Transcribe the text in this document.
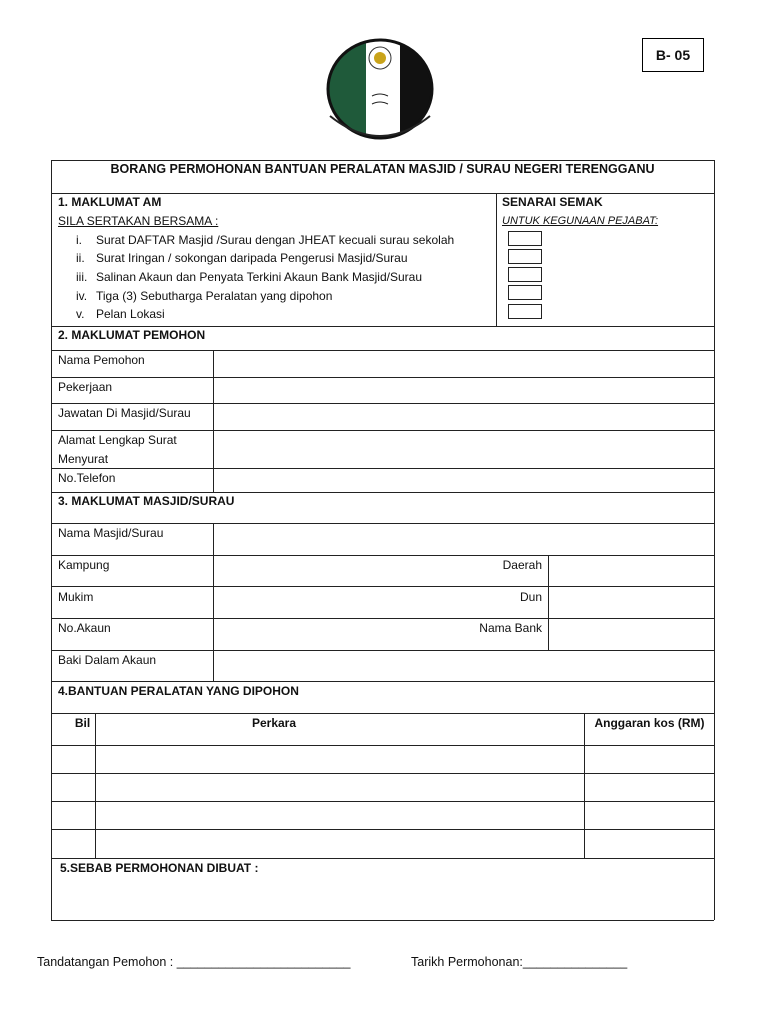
B- 05
BORANG PERMOHONAN BANTUAN PERALATAN MASJID / SURAU NEGERI TERENGGANU
1. MAKLUMAT AM
SILA SERTAKAN BERSAMA :
i. Surat DAFTAR Masjid /Surau dengan JHEAT kecuali surau sekolah
ii. Surat Iringan / sokongan daripada Pengerusi Masjid/Surau
iii. Salinan Akaun dan Penyata Terkini Akaun Bank Masjid/Surau
iv. Tiga (3) Sebutharga Peralatan yang dipohon
v. Pelan Lokasi
SENARAI SEMAK
UNTUK KEGUNAAN PEJABAT:
2. MAKLUMAT PEMOHON
Nama Pemohon
Pekerjaan
Jawatan Di Masjid/Surau
Alamat Lengkap Surat
Menyurat
No.Telefon
3. MAKLUMAT MASJID/SURAU
Nama Masjid/Surau
Kampung	Daerah
Mukim	Dun
No.Akaun	Nama Bank
Baki Dalam Akaun
4.BANTUAN PERALATAN YANG DIPOHON
Bil	Perkara	Anggaran kos (RM)
5.SEBAB PERMOHONAN DIBUAT :
Tandatangan Pemohon : _________________________	Tarikh Permohonan:_______________
